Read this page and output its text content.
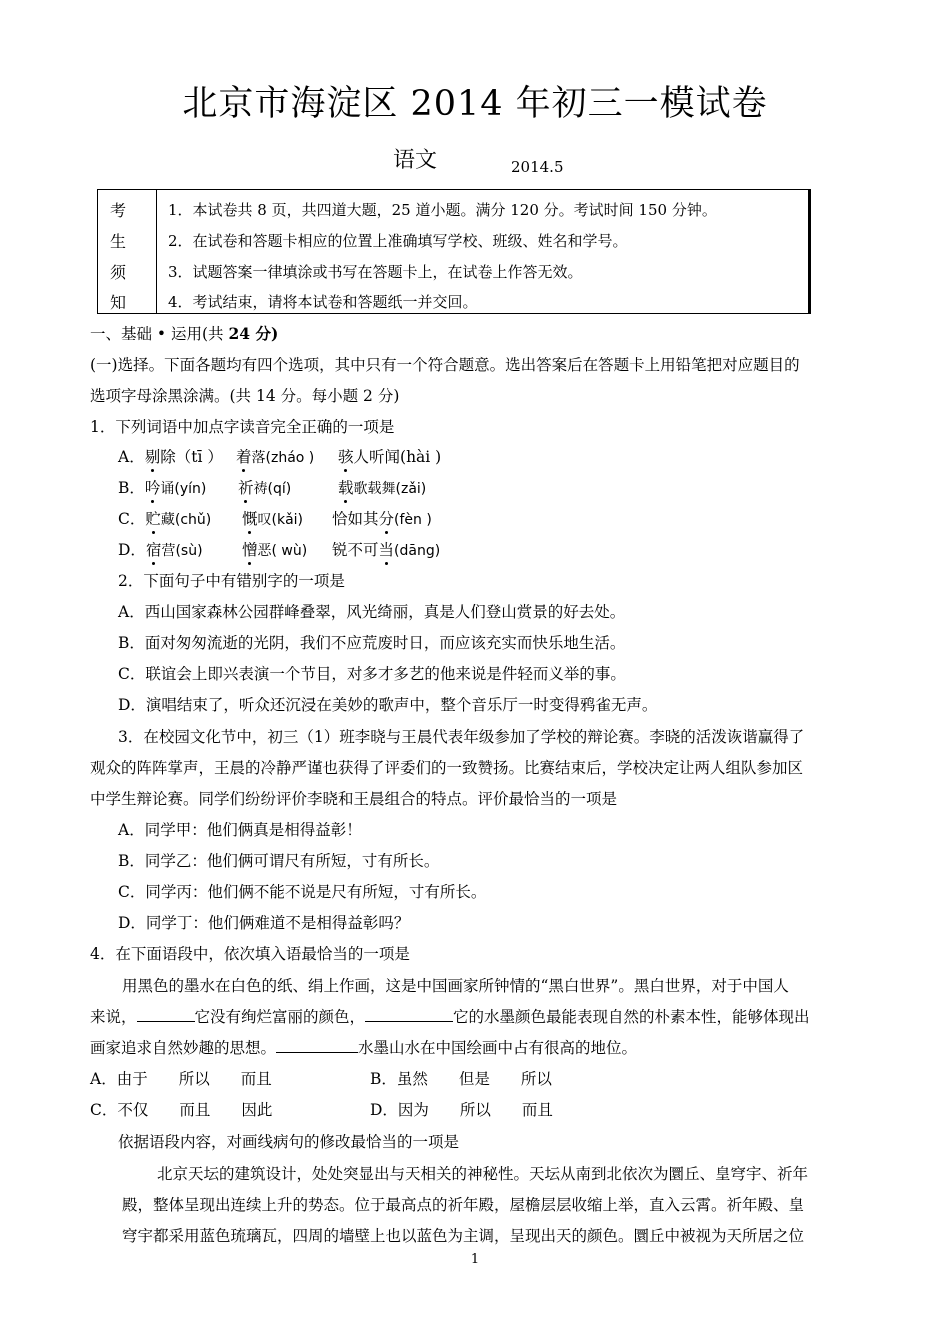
北京市海淀区 2014 年初三一模试卷
语文	2014.5
考
生
须
知
1．本试卷共 8 页，共四道大题，25 道小题。满分 120 分。考试时间 150 分钟。
2．在试卷和答题卡相应的位置上准确填写学校、班级、姓名和学号。
3．试题答案一律填涂或书写在答题卡上，在试卷上作答无效。
4．考试结束，请将本试卷和答题纸一并交回。
一、基础 • 运用(共 24 分)
(一)选择。下面各题均有四个选项，其中只有一个符合题意。选出答案后在答题卡上用铅笔把对应题目的
选项字母涂黑涂满。(共 14 分。每小题 2 分)
1．下列词语中加点字读音完全正确的一项是
A．剔除（tī ） 着落(zháo ) 骇人听闻(hài )
B．吟诵(yín) 祈祷(qí)	载歌载舞(zǎi)
C．贮藏(chǔ) 慨叹(kǎi) 恰如其分(fèn )
D．宿营(sù)	憎恶( wù) 锐不可当(dāng)
2．下面句子中有错别字的一项是
A．西山国家森林公园群峰叠翠，风光绮丽，真是人们登山赏景的好去处。
B．面对匆匆流逝的光阴，我们不应荒废时日，而应该充实而快乐地生活。
C．联谊会上即兴表演一个节目，对多才多艺的他来说是件轻而义举的事。
D．演唱结束了，听众还沉浸在美妙的歌声中，整个音乐厅一时变得鸦雀无声。
3．在校园文化节中，初三（1）班李晓与王晨代表年级参加了学校的辩论赛。李晓的活泼诙谐赢得了
观众的阵阵掌声，王晨的冷静严谨也获得了评委们的一致赞扬。比赛结束后，学校决定让两人组队参加区
中学生辩论赛。同学们纷纷评价李晓和王晨组合的特点。评价最恰当的一项是
A．同学甲：他们俩真是相得益彰！
B．同学乙：他们俩可谓尺有所短，寸有所长。
C．同学丙：他们俩不能不说是尺有所短，寸有所长。
D．同学丁：他们俩难道不是相得益彰吗？
4．在下面语段中，依次填入语最恰当的一项是
用黑色的墨水在白色的纸、绢上作画，这是中国画家所钟情的“黑白世界”。黑白世界，对于中国人
来说，	它没有绚烂富丽的颜色，	它的水墨颜色最能表现自然的朴素本性，能够体现出
画家追求自然妙趣的思想。	水墨山水在中国绘画中占有很高的地位。
A．由于　　所以　　而且	B．虽然　　但是　　所以
C．不仅　　而且　　因此	D．因为　　所以　　而且
依据语段内容，对画线病句的修改最恰当的一项是
北京天坛的建筑设计，处处突显出与天相关的神秘性。天坛从南到北依次为圜丘、皇穹宇、祈年
殿，整体呈现出连续上升的势态。位于最高点的祈年殿，屋檐层层收缩上举，直入云霄。祈年殿、皇
穹宇都采用蓝色琉璃瓦，四周的墙壁上也以蓝色为主调，呈现出天的颜色。圜丘中被视为天所居之位
1
